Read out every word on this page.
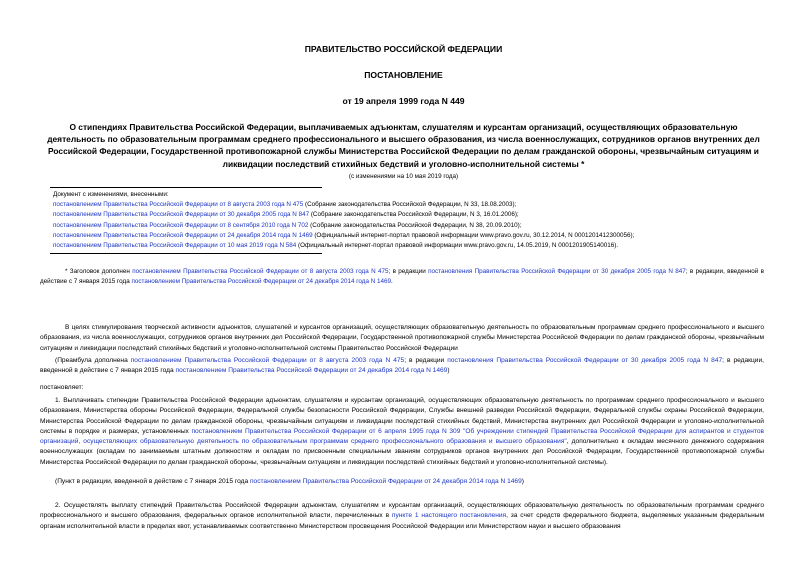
ПРАВИТЕЛЬСТВО РОССИЙСКОЙ ФЕДЕРАЦИИ
ПОСТАНОВЛЕНИЕ
от 19 апреля 1999 года N 449
О стипендиях Правительства Российской Федерации, выплачиваемых адъюнктам, слушателям и курсантам организаций, осуществляющих образовательную деятельность по образовательным программам среднего профессионального и высшего образования, из числа военнослужащих, сотрудников органов внутренних дел Российской Федерации, Государственной противопожарной службы Министерства Российской Федерации по делам гражданской обороны, чрезвычайным ситуациям и ликвидации последствий стихийных бедствий и уголовно-исполнительной системы *
(с изменениями на 10 мая 2019 года)
Документ с изменениями, внесенными:
постановлением Правительства Российской Федерации от 8 августа 2003 года N 475 (Собрание законодательства Российской Федерации, N 33, 18.08.2003);
постановлением Правительства Российской Федерации от 30 декабря 2005 года N 847 (Собрание законодательства Российской Федерации, N 3, 16.01.2006);
постановлением Правительства Российской Федерации от 8 сентября 2010 года N 702 (Собрание законодательства Российской Федерации, N 38, 20.09.2010);
постановлением Правительства Российской Федерации от 24 декабря 2014 года N 1469 (Официальный интернет-портал правовой информации www.pravo.gov.ru, 30.12.2014, N 0001201412300056);
постановлением Правительства Российской Федерации от 10 мая 2019 года N 584 (Официальный интернет-портал правовой информации www.pravo.gov.ru, 14.05.2019, N 0001201905140016).
* Заголовок дополнен постановлением Правительства Российской Федерации от 8 августа 2003 года N 475; в редакции постановления Правительства Российской Федерации от 30 декабря 2005 года N 847; в редакции, введенной в действие с 7 января 2015 года постановлением Правительства Российской Федерации от 24 декабря 2014 года N 1469.
В целях стимулирования творческой активности адъюнктов, слушателей и курсантов организаций, осуществляющих образовательную деятельность по образовательным программам среднего профессионального и высшего образования, из числа военнослужащих, сотрудников органов внутренних дел Российской Федерации, Государственной противопожарной службы Министерства Российской Федерации по делам гражданской обороны, чрезвычайным ситуациям и ликвидации последствий стихийных бедствий и уголовно-исполнительной системы Правительство Российской Федерации
(Преамбула дополнена постановлением Правительства Российской Федерации от 8 августа 2003 года N 475; в редакции постановления Правительства Российской Федерации от 30 декабря 2005 года N 847; в редакции, введенной в действие с 7 января 2015 года постановлением Правительства Российской Федерации от 24 декабря 2014 года N 1469)
постановляет:
1. Выплачивать стипендии Правительства Российской Федерации адъюнктам, слушателям и курсантам организаций, осуществляющих образовательную деятельность по программам среднего профессионального и высшего образования, Министерства обороны Российской Федерации, Федеральной службы безопасности Российской Федерации, Службы внешней разведки Российской Федерации, Федеральной службы охраны Российской Федерации, Министерства Российской Федерации по делам гражданской обороны, чрезвычайным ситуациям и ликвидации последствий стихийных бедствий, Министерства внутренних дел Российской Федерации и уголовно-исполнительной системы в порядке и размерах, установленных постановлением Правительства Российской Федерации от 6 апреля 1995 года N 309 "Об учреждении стипендий Правительства Российской Федерации для аспирантов и студентов организаций, осуществляющих образовательную деятельность по образовательным программам среднего профессионального образования и высшего образования", дополнительно к окладам месячного денежного содержания военнослужащих (окладам по занимаемым штатным должностям и окладам по присвоенным специальным званиям сотрудников органов внутренних дел Российской Федерации, Государственной противопожарной службы Министерства Российской Федерации по делам гражданской обороны, чрезвычайным ситуациям и ликвидации последствий стихийных бедствий и уголовно-исполнительной системы).
(Пункт в редакции, введенной в действие с 7 января 2015 года постановлением Правительства Российской Федерации от 24 декабря 2014 года N 1469)
2. Осуществлять выплату стипендий Правительства Российской Федерации адъюнктам, слушателям и курсантам организаций, осуществляющих образовательную деятельность по образовательным программам среднего профессионального и высшего образования, федеральных органов исполнительной власти, перечисленных в пункте 1 настоящего постановления, за счет средств федерального бюджета, выделяемых указанным федеральным органам исполнительной власти в пределах квот, устанавливаемых соответственно Министерством просвещения Российской Федерации или Министерством науки и высшего образования
